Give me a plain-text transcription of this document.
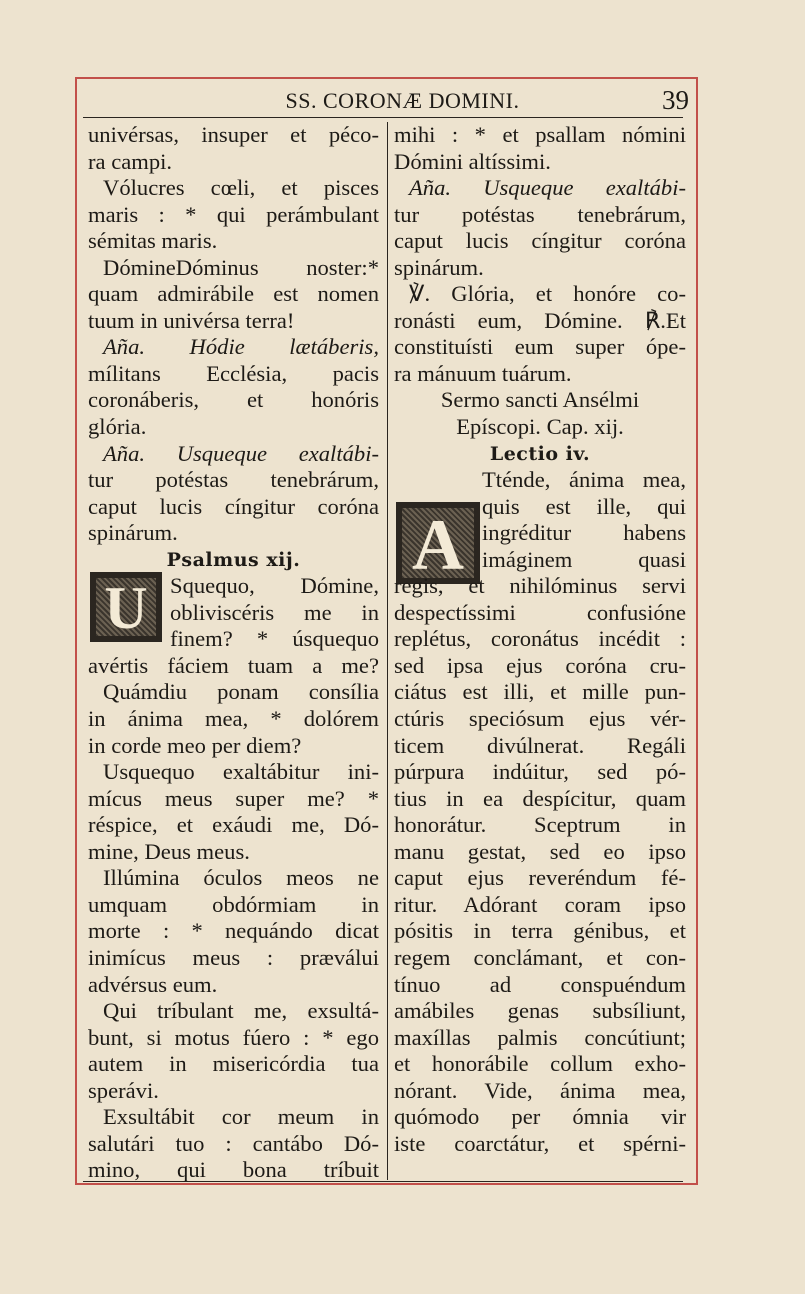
SS. CORONÆ DOMINI.	39
U
A
univérsas, insuper et péco-
ra campi.
Vólucres cœli, et pisces
maris : * qui perámbulant
sémitas maris.
DómineDóminus noster:*
quam admirábile est nomen
tuum in univérsa terra!
Aña. Hódie lætáberis,
mílitans Ecclésia, pacis
coronáberis, et honóris
glória.
Aña. Usqueque exaltábi-
tur potéstas tenebrárum,
caput lucis cíngitur coróna
spinárum.
Psalmus xij.
Squequo, Dómine,
obliviscéris me in
finem? * úsquequo
avértis fáciem tuam a me?
Quámdiu ponam consília
in ánima mea, * dolórem
in corde meo per diem?
Usquequo exaltábitur ini-
mícus meus super me? *
réspice, et exáudi me, Dó-
mine, Deus meus.
Illúmina óculos meos ne
umquam obdórmiam in
morte : * nequándo dicat
inimícus meus : præválui
advérsus eum.
Qui tríbulant me, exsultá-
bunt, si motus fúero : * ego
autem in misericórdia tua
sperávi.
Exsultábit cor meum in
salutári tuo : cantábo Dó-
mino, qui bona tríbuit
mihi : * et psallam nómini
Dómini altíssimi.
Aña. Usqueque exaltábi-
tur potéstas tenebrárum,
caput lucis cíngitur coróna
spinárum.
℣. Glória, et honóre co-
ronásti eum, Dómine. ℟.Et
constituísti eum super ópe-
ra mánuum tuárum.
Sermo sancti Ansélmi
Epíscopi. Cap. xij.
Lectio iv.
Tténde, ánima mea,
quis est ille, qui
ingréditur habens
imáginem quasi
regis, et nihilóminus servi
despectíssimi confusióne
replétus, coronátus incédit :
sed ipsa ejus coróna cru-
ciátus est illi, et mille pun-
ctúris speciósum ejus vér-
ticem divúlnerat. Regáli
púrpura indúitur, sed pó-
tius in ea despícitur, quam
honorátur. Sceptrum in
manu gestat, sed eo ipso
caput ejus reveréndum fé-
ritur. Adórant coram ipso
pósitis in terra génibus, et
regem conclámant, et con-
tínuo ad conspuéndum
amábiles genas subsíliunt,
maxíllas palmis concútiunt;
et honorábile collum exho-
nórant. Vide, ánima mea,
quómodo per ómnia vir
iste coarctátur, et spérni-
